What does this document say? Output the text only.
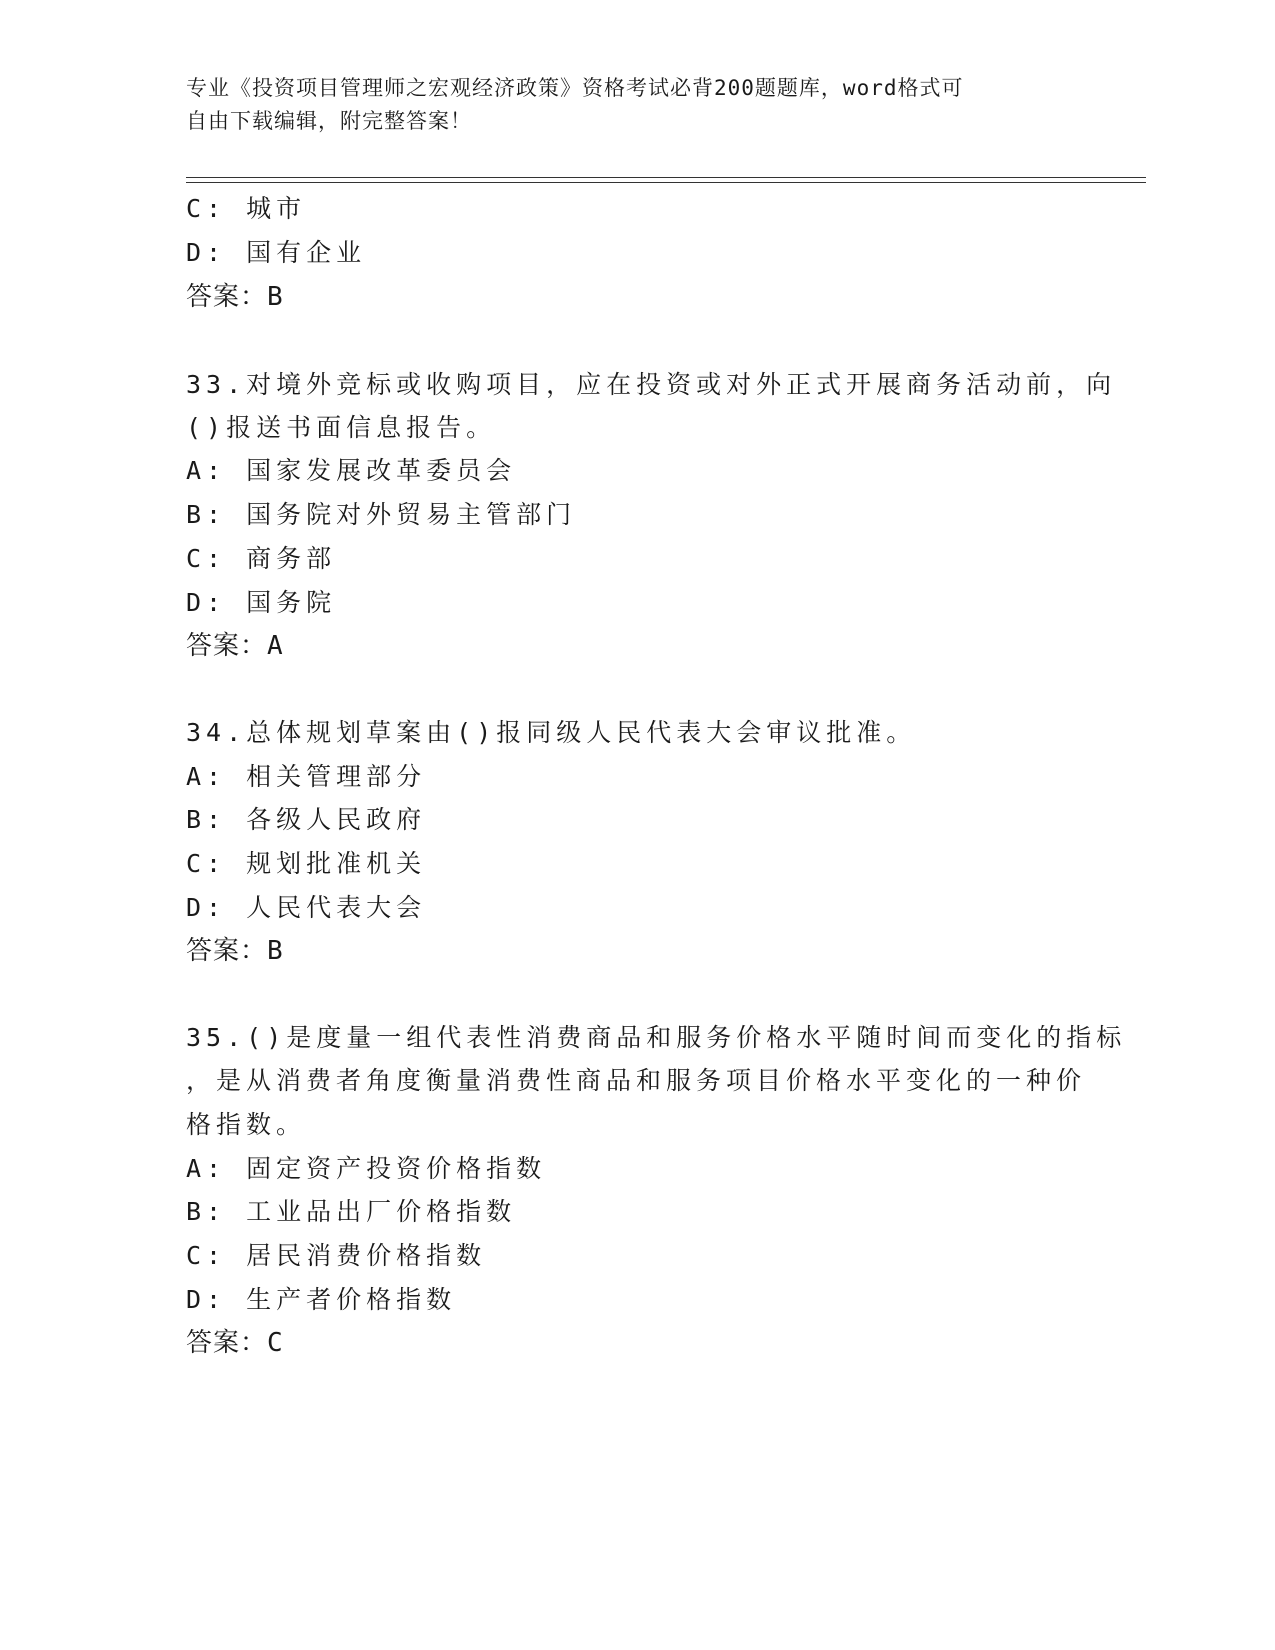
专业《投资项目管理师之宏观经济政策》资格考试必背200题题库，word格式可
自由下载编辑，附完整答案！
C: 城市
D: 国有企业
答案：B
33.对境外竞标或收购项目，应在投资或对外正式开展商务活动前，向
()报送书面信息报告。
A: 国家发展改革委员会
B: 国务院对外贸易主管部门
C: 商务部
D: 国务院
答案：A
34.总体规划草案由()报同级人民代表大会审议批准。
A: 相关管理部分
B: 各级人民政府
C: 规划批准机关
D: 人民代表大会
答案：B
35.()是度量一组代表性消费商品和服务价格水平随时间而变化的指标
，是从消费者角度衡量消费性商品和服务项目价格水平变化的一种价
格指数。
A: 固定资产投资价格指数
B: 工业品出厂价格指数
C: 居民消费价格指数
D: 生产者价格指数
答案：C
